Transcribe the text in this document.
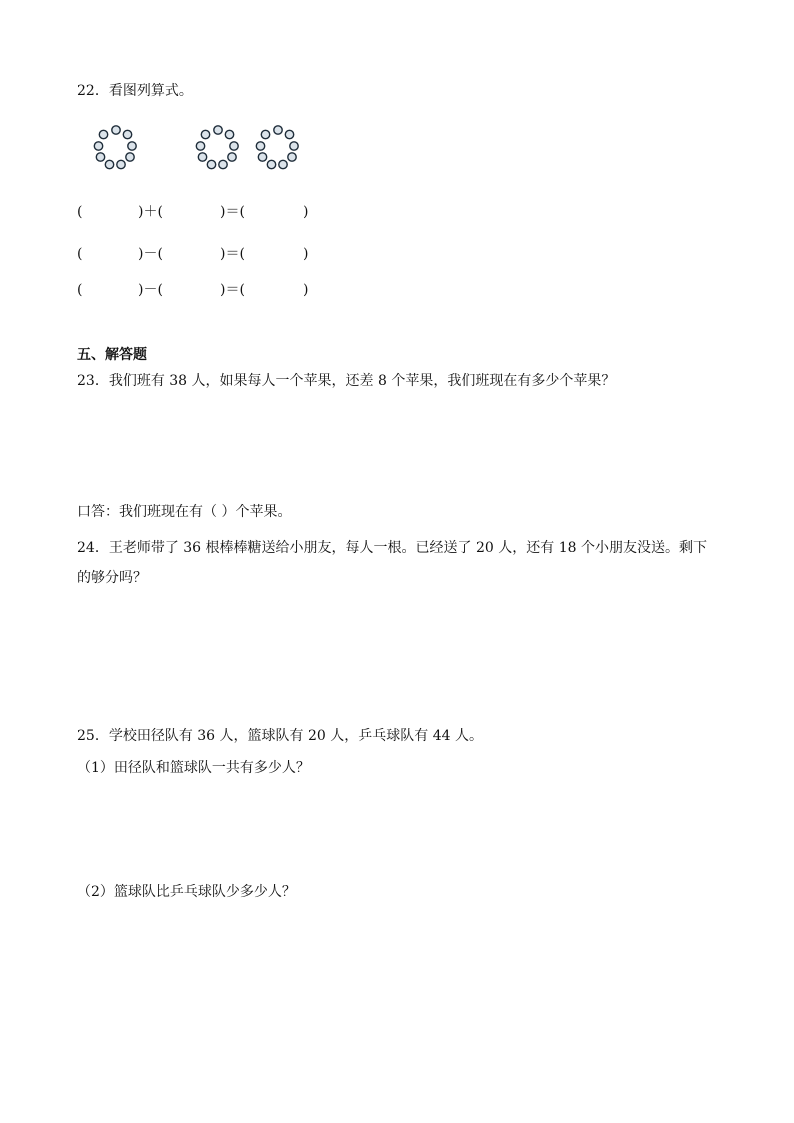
22．看图列算式。
(	)＋(	)＝(	)
(	)－(	)＝(	)
(	)－(	)＝(	)
五、解答题
23．我们班有 38 人，如果每人一个苹果，还差 8 个苹果，我们班现在有多少个苹果？
口答：我们班现在有（ ）个苹果。
24．王老师带了 36 根棒棒糖送给小朋友，每人一根。已经送了 20 人，还有 18 个小朋友没送。剩下
的够分吗？
25．学校田径队有 36 人，篮球队有 20 人，乒乓球队有 44 人。
（1）田径队和篮球队一共有多少人？
（2）篮球队比乒乓球队少多少人？
